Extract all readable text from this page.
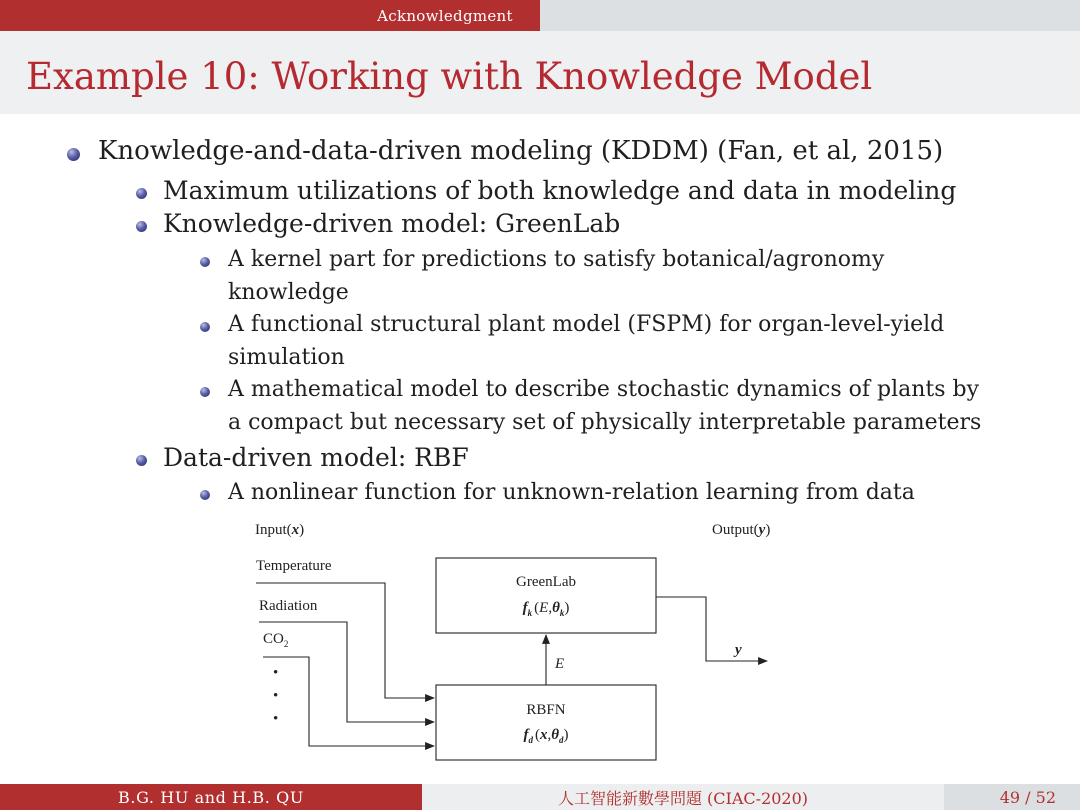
Acknowledgment
Example 10: Working with Knowledge Model
Knowledge-and-data-driven modeling (KDDM) (Fan, et al, 2015)
Maximum utilizations of both knowledge and data in modeling
Knowledge-driven model: GreenLab
A kernel part for predictions to satisfy botanical/agronomy
knowledge
A functional structural plant model (FSPM) for organ-level-yield
simulation
A mathematical model to describe stochastic dynamics of plants by
a compact but necessary set of physically interpretable parameters
Data-driven model: RBF
A nonlinear function for unknown-relation learning from data
Input(x)	Output(y)
Temperature
Radiation
$CO_2$
•
•
•
GreenLab
$f_k$ $(E,\theta_k)$
RBFN
$f_d$ $(x,\theta_d)$
E
y
B.G. HU and H.B. QU	人工智能新數學問題 (CIAC-2020)	49
/
52
